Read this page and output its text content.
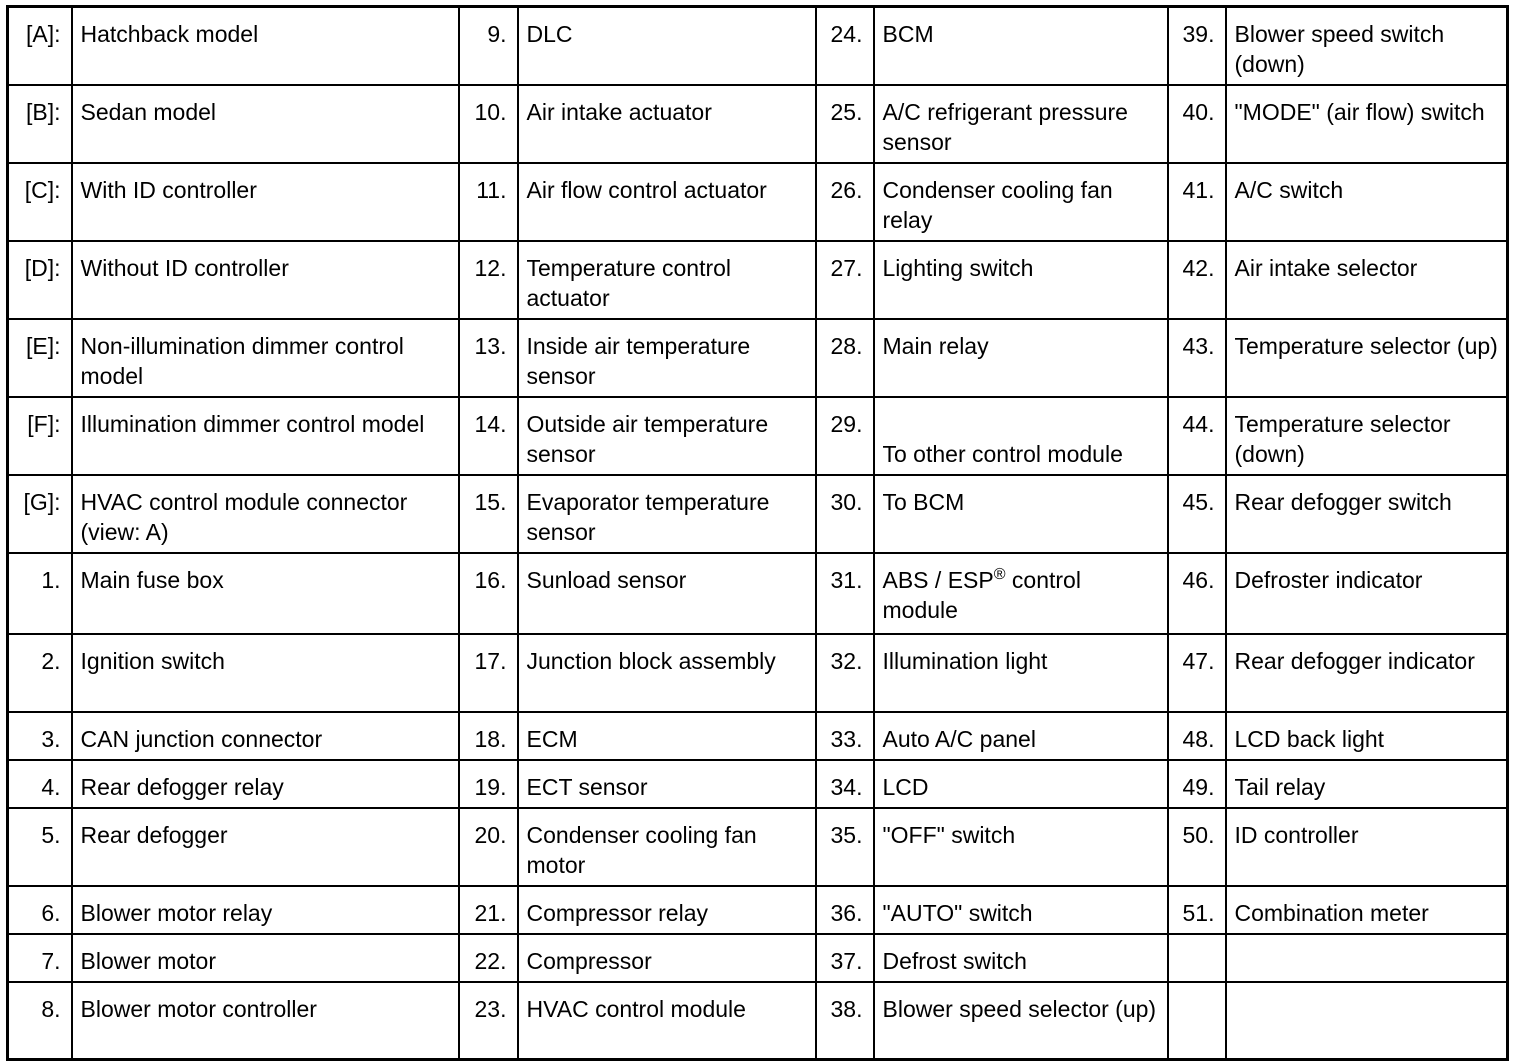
[A]:	Hatchback model	9.	DLC	24.	BCM	39.	Blower speed switch (down)
[B]:	Sedan model	10.	Air intake actuator	25.	A/C refrigerant pressure sensor	40.	"MODE" (air flow) switch
[C]:	With ID controller	11.	Air flow control actuator	26.	Condenser cooling fan relay	41.	A/C switch
[D]:	Without ID controller	12.	Temperature control actuator	27.	Lighting switch	42.	Air intake selector
[E]:	Non-illumination dimmer control model	13.	Inside air temperature sensor	28.	Main relay	43.	Temperature selector (up)
[F]:	Illumination dimmer control model	14.	Outside air temperature sensor	29.	To other control module	44.	Temperature selector (down)
[G]:	HVAC control module connector (view: A)	15.	Evaporator temperature sensor	30.	To BCM	45.	Rear defogger switch
1.	Main fuse box	16.	Sunload sensor	31.	ABS / ESP® control module	46.	Defroster indicator
2.	Ignition switch	17.	Junction block assembly	32.	Illumination light	47.	Rear defogger indicator
3.	CAN junction connector	18.	ECM	33.	Auto A/C panel	48.	LCD back light
4.	Rear defogger relay	19.	ECT sensor	34.	LCD	49.	Tail relay
5.	Rear defogger	20.	Condenser cooling fan motor	35.	"OFF" switch	50.	ID controller
6.	Blower motor relay	21.	Compressor relay	36.	"AUTO" switch	51.	Combination meter
7.	Blower motor	22.	Compressor	37.	Defrost switch		
8.	Blower motor controller	23.	HVAC control module	38.	Blower speed selector (up)		
